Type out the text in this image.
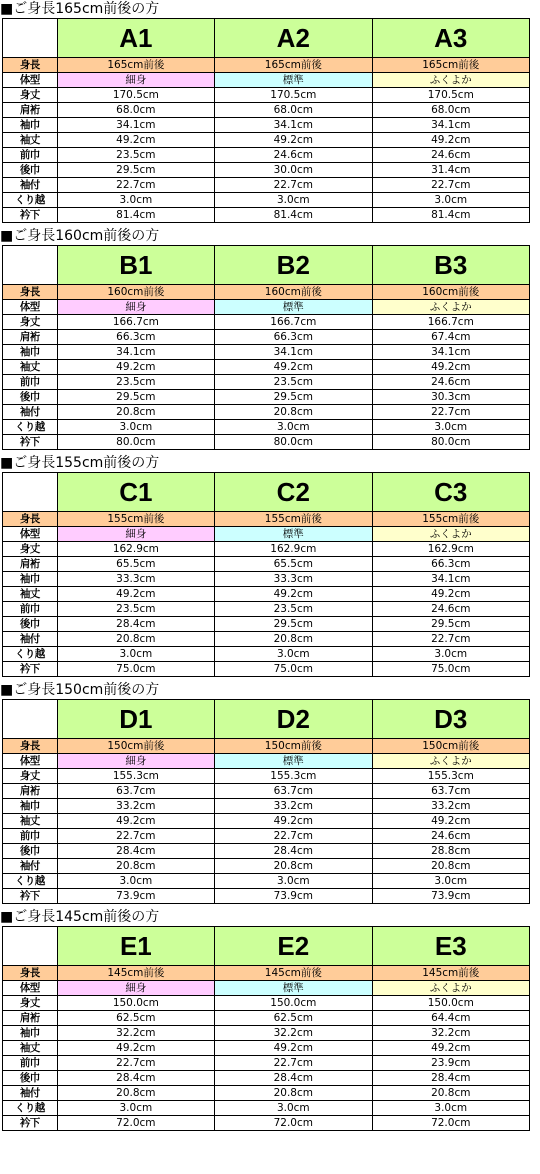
■ご身長165cm前後の方
	A1	A2	A3
身長	165cm前後	165cm前後	165cm前後
体型	細身	標準	ふくよか
身丈	170.5cm	170.5cm	170.5cm
肩裄	68.0cm	68.0cm	68.0cm
袖巾	34.1cm	34.1cm	34.1cm
袖丈	49.2cm	49.2cm	49.2cm
前巾	23.5cm	24.6cm	24.6cm
後巾	29.5cm	30.0cm	31.4cm
袖付	22.7cm	22.7cm	22.7cm
くり越	3.0cm	3.0cm	3.0cm
衿下	81.4cm	81.4cm	81.4cm
■ご身長160cm前後の方
	B1	B2	B3
身長	160cm前後	160cm前後	160cm前後
体型	細身	標準	ふくよか
身丈	166.7cm	166.7cm	166.7cm
肩裄	66.3cm	66.3cm	67.4cm
袖巾	34.1cm	34.1cm	34.1cm
袖丈	49.2cm	49.2cm	49.2cm
前巾	23.5cm	23.5cm	24.6cm
後巾	29.5cm	29.5cm	30.3cm
袖付	20.8cm	20.8cm	22.7cm
くり越	3.0cm	3.0cm	3.0cm
衿下	80.0cm	80.0cm	80.0cm
■ご身長155cm前後の方
	C1	C2	C3
身長	155cm前後	155cm前後	155cm前後
体型	細身	標準	ふくよか
身丈	162.9cm	162.9cm	162.9cm
肩裄	65.5cm	65.5cm	66.3cm
袖巾	33.3cm	33.3cm	34.1cm
袖丈	49.2cm	49.2cm	49.2cm
前巾	23.5cm	23.5cm	24.6cm
後巾	28.4cm	29.5cm	29.5cm
袖付	20.8cm	20.8cm	22.7cm
くり越	3.0cm	3.0cm	3.0cm
衿下	75.0cm	75.0cm	75.0cm
■ご身長150cm前後の方
	D1	D2	D3
身長	150cm前後	150cm前後	150cm前後
体型	細身	標準	ふくよか
身丈	155.3cm	155.3cm	155.3cm
肩裄	63.7cm	63.7cm	63.7cm
袖巾	33.2cm	33.2cm	33.2cm
袖丈	49.2cm	49.2cm	49.2cm
前巾	22.7cm	22.7cm	24.6cm
後巾	28.4cm	28.4cm	28.8cm
袖付	20.8cm	20.8cm	20.8cm
くり越	3.0cm	3.0cm	3.0cm
衿下	73.9cm	73.9cm	73.9cm
■ご身長145cm前後の方
	E1	E2	E3
身長	145cm前後	145cm前後	145cm前後
体型	細身	標準	ふくよか
身丈	150.0cm	150.0cm	150.0cm
肩裄	62.5cm	62.5cm	64.4cm
袖巾	32.2cm	32.2cm	32.2cm
袖丈	49.2cm	49.2cm	49.2cm
前巾	22.7cm	22.7cm	23.9cm
後巾	28.4cm	28.4cm	28.4cm
袖付	20.8cm	20.8cm	20.8cm
くり越	3.0cm	3.0cm	3.0cm
衿下	72.0cm	72.0cm	72.0cm
